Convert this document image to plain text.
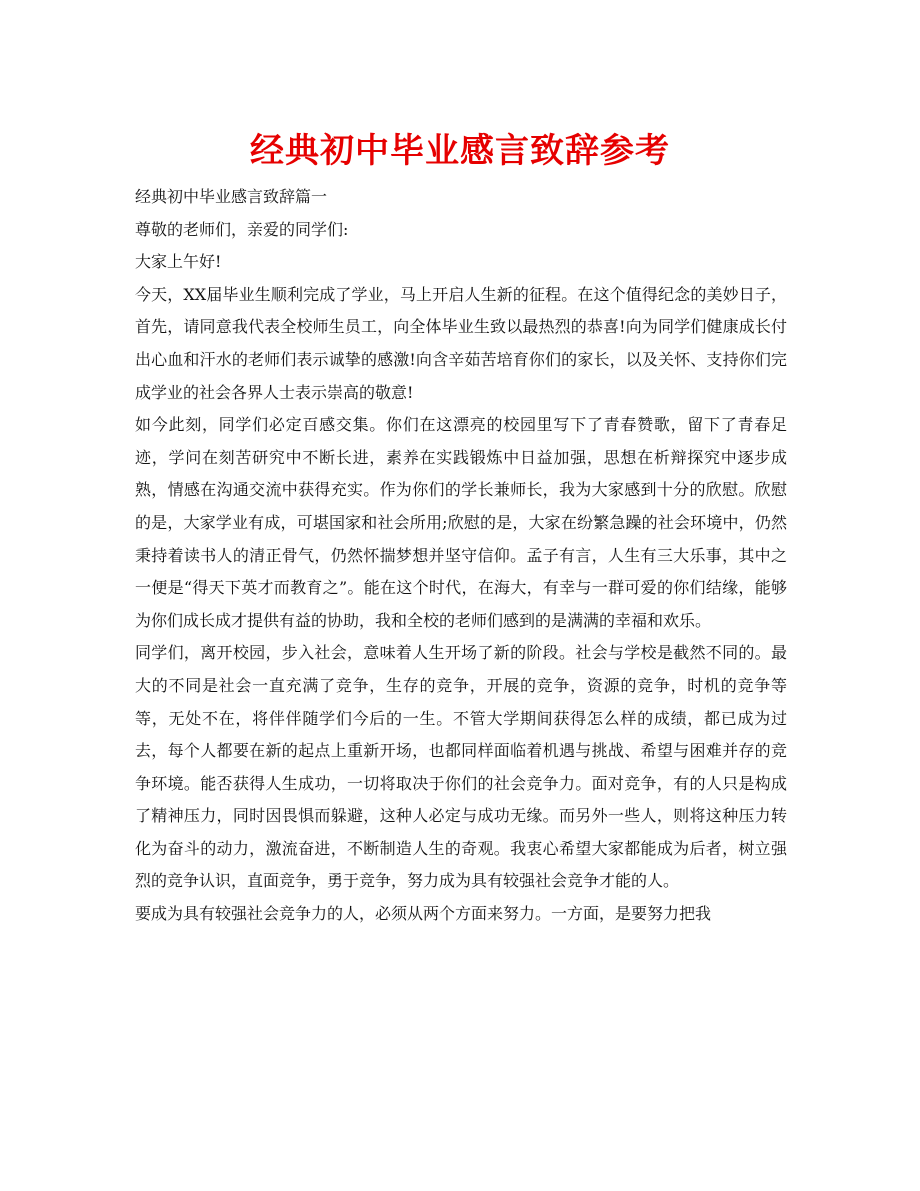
经典初中毕业感言致辞参考

经典初中毕业感言致辞篇一

尊敬的老师们，亲爱的同学们:

大家上午好!

今天，XX届毕业生顺利完成了学业，马上开启人生新的征程。在这个值得纪念的美妙日子，首先，请同意我代表全校师生员工，向全体毕业生致以最热烈的恭喜!向为同学们健康成长付出心血和汗水的老师们表示诚挚的感激!向含辛茹苦培育你们的家长，以及关怀、支持你们完成学业的社会各界人士表示崇高的敬意!

如今此刻，同学们必定百感交集。你们在这漂亮的校园里写下了青春赞歌，留下了青春足迹，学问在刻苦研究中不断长进，素养在实践锻炼中日益加强，思想在析辩探究中逐步成熟，情感在沟通交流中获得充实。作为你们的学长兼师长，我为大家感到十分的欣慰。欣慰的是，大家学业有成，可堪国家和社会所用;欣慰的是，大家在纷繁急躁的社会环境中，仍然秉持着读书人的清正骨气，仍然怀揣梦想并坚守信仰。孟子有言，人生有三大乐事，其中之一便是“得天下英才而教育之”。能在这个时代，在海大，有幸与一群可爱的你们结缘，能够为你们成长成才提供有益的协助，我和全校的老师们感到的是满满的幸福和欢乐。

同学们，离开校园，步入社会，意味着人生开场了新的阶段。社会与学校是截然不同的。最大的不同是社会一直充满了竞争，生存的竞争，开展的竞争，资源的竞争，时机的竞争等等，无处不在，将伴伴随学们今后的一生。不管大学期间获得怎么样的成绩，都已成为过去，每个人都要在新的起点上重新开场，也都同样面临着机遇与挑战、希望与困难并存的竞争环境。能否获得人生成功，一切将取决于你们的社会竞争力。面对竞争，有的人只是构成了精神压力，同时因畏惧而躲避，这种人必定与成功无缘。而另外一些人，则将这种压力转化为奋斗的动力，激流奋进，不断制造人生的奇观。我衷心希望大家都能成为后者，树立强烈的竞争认识，直面竞争，勇于竞争，努力成为具有较强社会竞争才能的人。

要成为具有较强社会竞争力的人，必须从两个方面来努力。一方面，是要努力把我
